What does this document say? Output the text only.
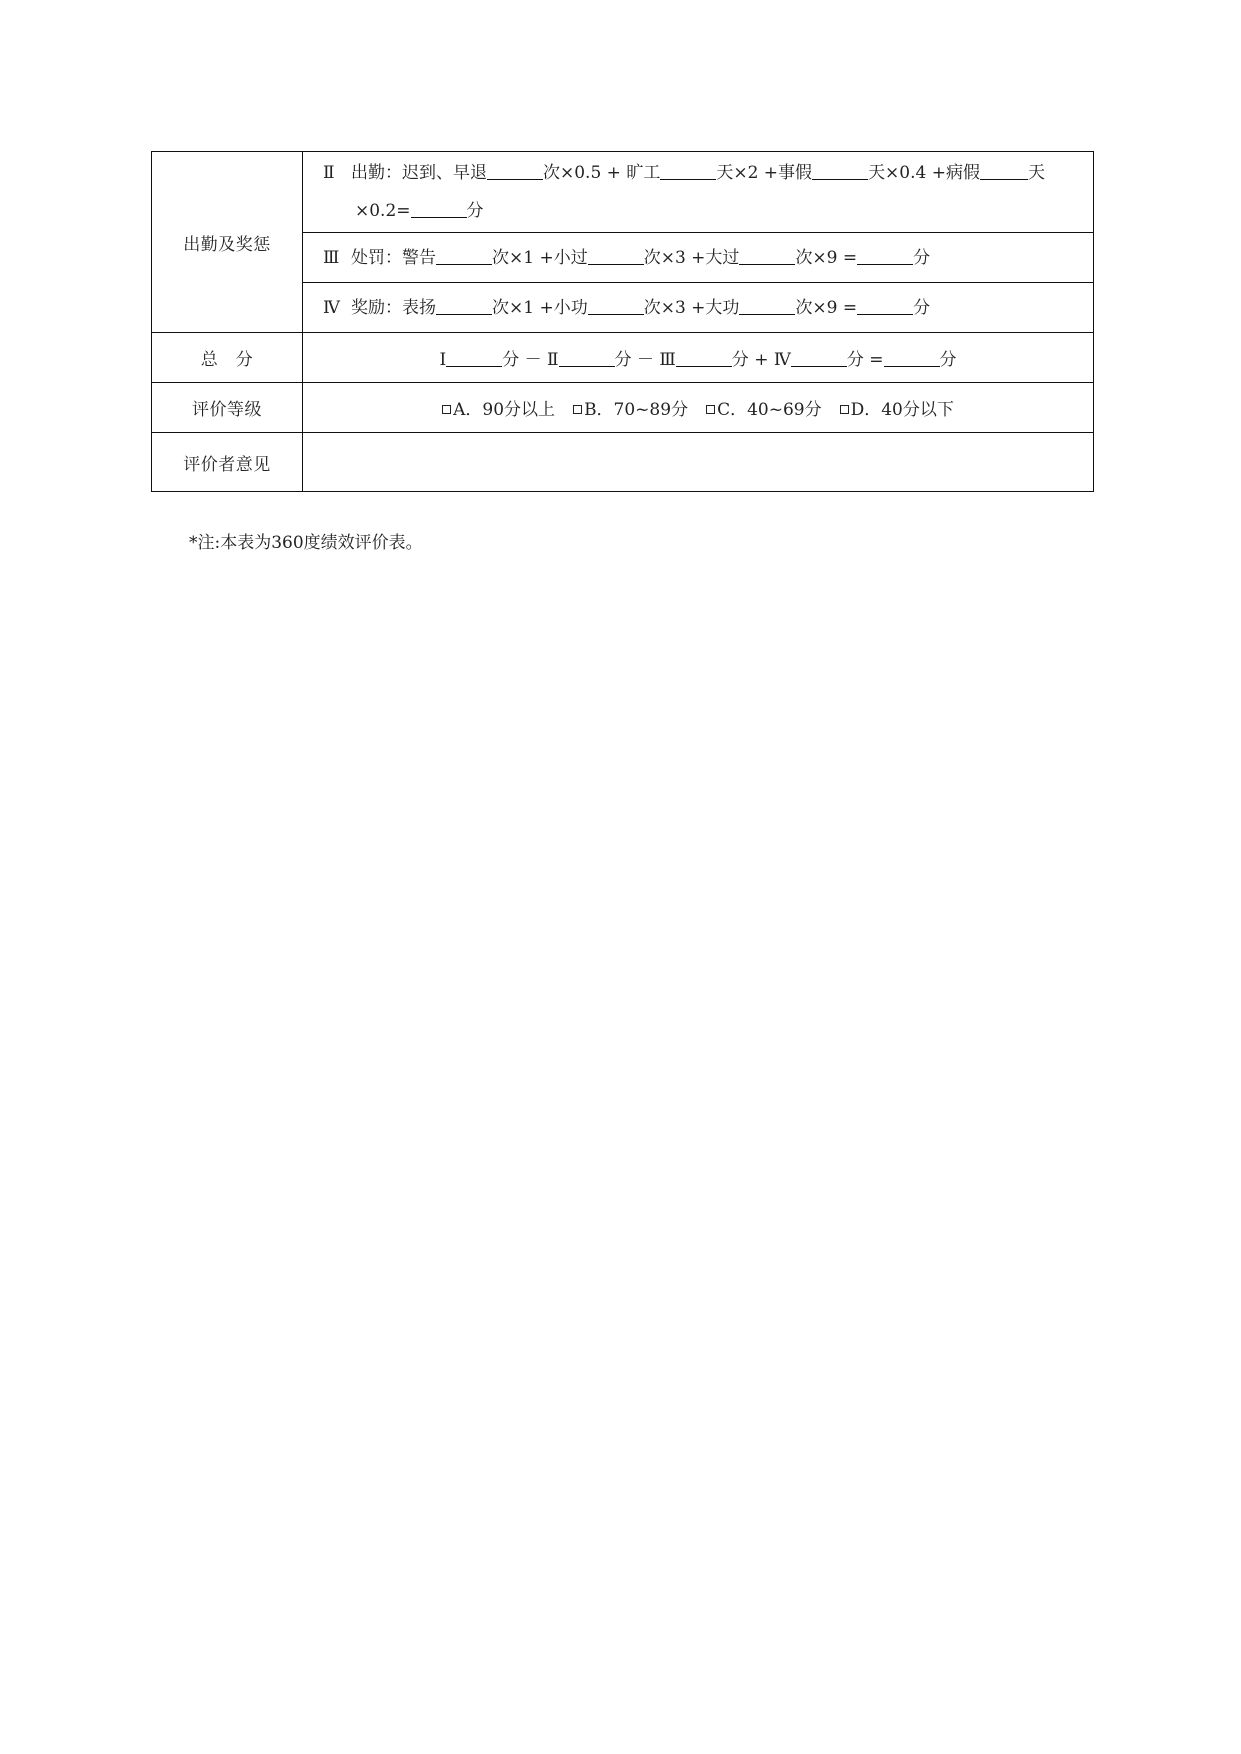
出勤及奖惩	Ⅱ 出勤：迟到、早退 次×0.5 + 旷工 天×2 +事假 天×0.4 +病假 天
×0.2= 分

	Ⅲ 处罚：警告 次×1 +小过 次×3 +大过 次×9 = 分

	Ⅳ 奖励：表扬 次×1 +小功 次×3 +大功 次×9 = 分

总　分	Ⅰ 分 － Ⅱ 分 － Ⅲ 分 + Ⅳ 分 = 分
评价等级	A．90分以上 B．70~89分 C．40~69分 D．40分以下
评价者意见	

*注:本表为360度绩效评价表。
